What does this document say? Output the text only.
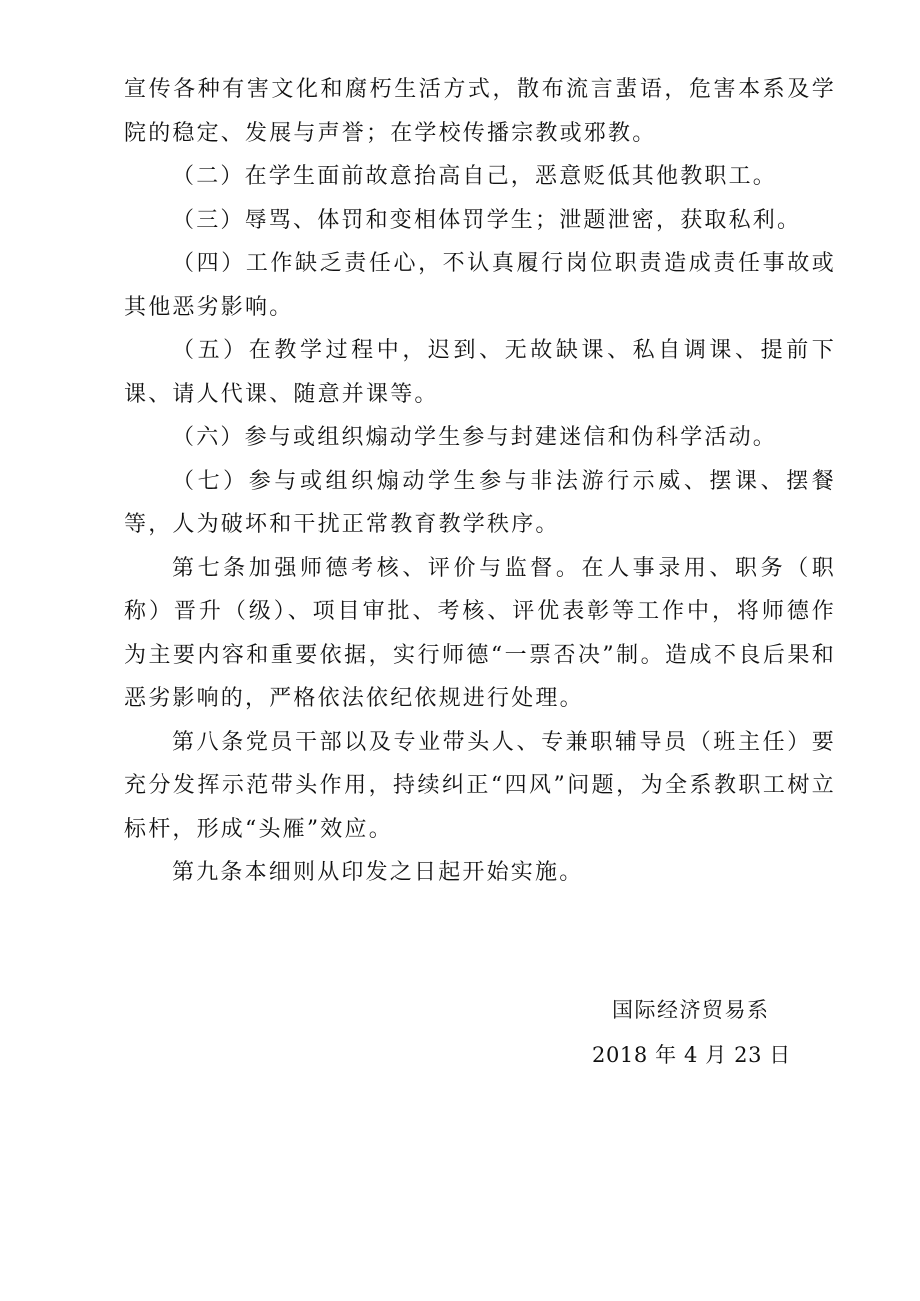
宣传各种有害文化和腐朽生活方式，散布流言蜚语，危害本系及学院的稳定、发展与声誉；在学校传播宗教或邪教。

（二）在学生面前故意抬高自己，恶意贬低其他教职工。

（三）辱骂、体罚和变相体罚学生；泄题泄密，获取私利。

（四）工作缺乏责任心，不认真履行岗位职责造成责任事故或其他恶劣影响。

（五）在教学过程中，迟到、无故缺课、私自调课、提前下课、请人代课、随意并课等。

（六）参与或组织煽动学生参与封建迷信和伪科学活动。

（七）参与或组织煽动学生参与非法游行示威、摆课、摆餐等，人为破坏和干扰正常教育教学秩序。

第七条加强师德考核、评价与监督。在人事录用、职务（职称）晋升（级）、项目审批、考核、评优表彰等工作中，将师德作为主要内容和重要依据，实行师德“一票否决”制。造成不良后果和恶劣影响的，严格依法依纪依规进行处理。

第八条党员干部以及专业带头人、专兼职辅导员（班主任）要充分发挥示范带头作用，持续纠正“四风”问题，为全系教职工树立标杆，形成“头雁”效应。

第九条本细则从印发之日起开始实施。

国际经济贸易系
2018 年 4 月 23 日
